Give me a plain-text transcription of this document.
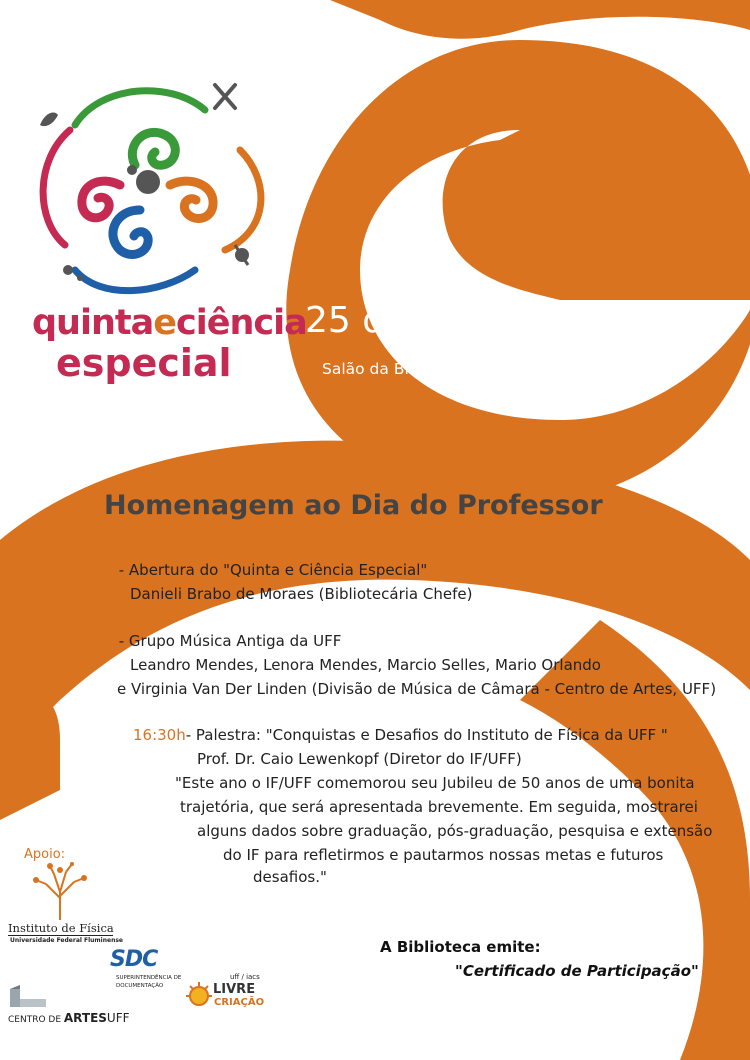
quintaeciência
especial
25 de outubro de 2018
Salão da Biblioteca Profa. Maria Teresa Thomaz
Homenagem ao Dia do Professor
Programação:
16:00h- Abertura do "Quinta e Ciência Especial"
Danieli Brabo de Moraes (Bibliotecária Chefe)
16:10h- Grupo Música Antiga da UFF
Leandro Mendes, Lenora Mendes, Marcio Selles, Mario Orlando
e Virginia Van Der Linden (Divisão de Música de Câmara - Centro de Artes, UFF)
16:30h- Palestra: "Conquistas e Desafios do Instituto de Física da UFF "
Prof. Dr. Caio Lewenkopf (Diretor do IF/UFF)
"Este ano o IF/UFF comemorou seu Jubileu de 50 anos de uma bonita
trajetória, que será apresentada brevemente. Em seguida, mostrarei
alguns dados sobre graduação, pós-graduação, pesquisa e extensão
do IF para refletirmos e pautarmos nossas metas e futuros
desafios."
Apoio:
Instituto de Física
Universidade Federal Fluminense
SDC
SUPERINTENDÊNCIA DE
DOCUMENTAÇÃO
CENTRO DE ARTESUFF
uff / iacs
LIVRE
CRIAÇÃO
A Biblioteca emite:
"Certificado de Participação"
